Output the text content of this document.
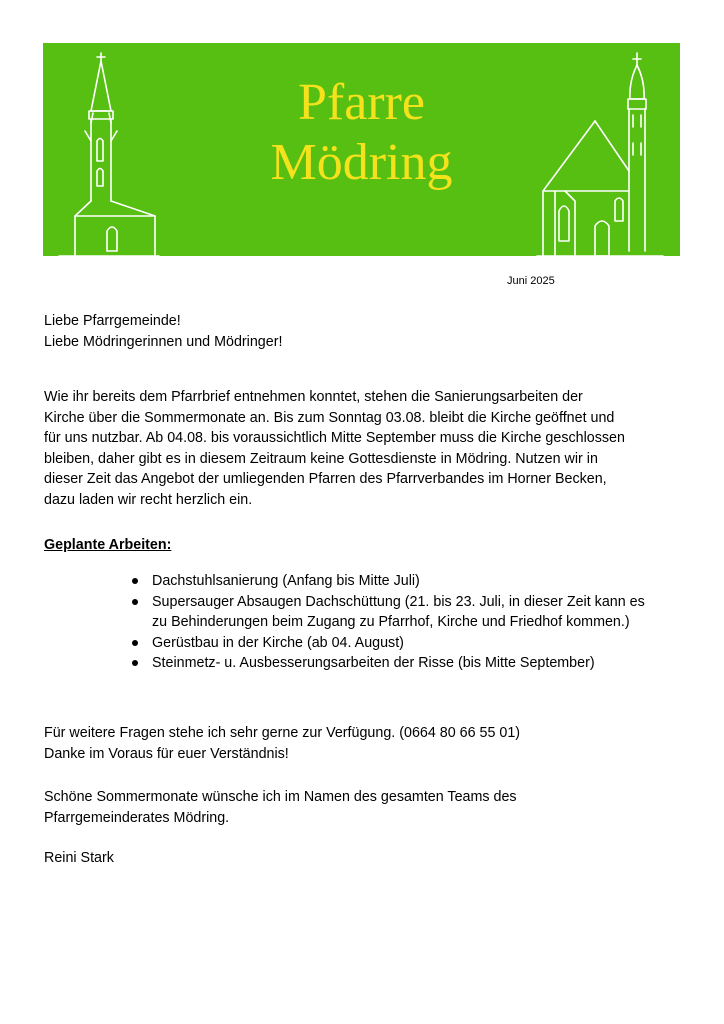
Pfarre
Mödring
Juni 2025
Liebe Pfarrgemeinde!
Liebe Mödringerinnen und Mödringer!
Wie ihr bereits dem Pfarrbrief entnehmen konntet, stehen die Sanierungsarbeiten der
Kirche über die Sommermonate an. Bis zum Sonntag 03.08. bleibt die Kirche geöffnet und
für uns nutzbar. Ab 04.08. bis voraussichtlich Mitte September muss die Kirche geschlossen
bleiben, daher gibt es in diesem Zeitraum keine Gottesdienste in Mödring. Nutzen wir in
dieser Zeit das Angebot der umliegenden Pfarren des Pfarrverbandes im Horner Becken,
dazu laden wir recht herzlich ein.
Geplante Arbeiten:
Dachstuhlsanierung (Anfang bis Mitte Juli)
Supersauger Absaugen Dachschüttung (21. bis 23. Juli, in dieser Zeit kann es
zu Behinderungen beim Zugang zu Pfarrhof, Kirche und Friedhof kommen.)
Gerüstbau in der Kirche (ab 04. August)
Steinmetz- u. Ausbesserungsarbeiten der Risse (bis Mitte September)
Für weitere Fragen stehe ich sehr gerne zur Verfügung. (0664 80 66 55 01)
Danke im Voraus für euer Verständnis!
Schöne Sommermonate wünsche ich im Namen des gesamten Teams des
Pfarrgemeinderates Mödring.
Reini Stark
